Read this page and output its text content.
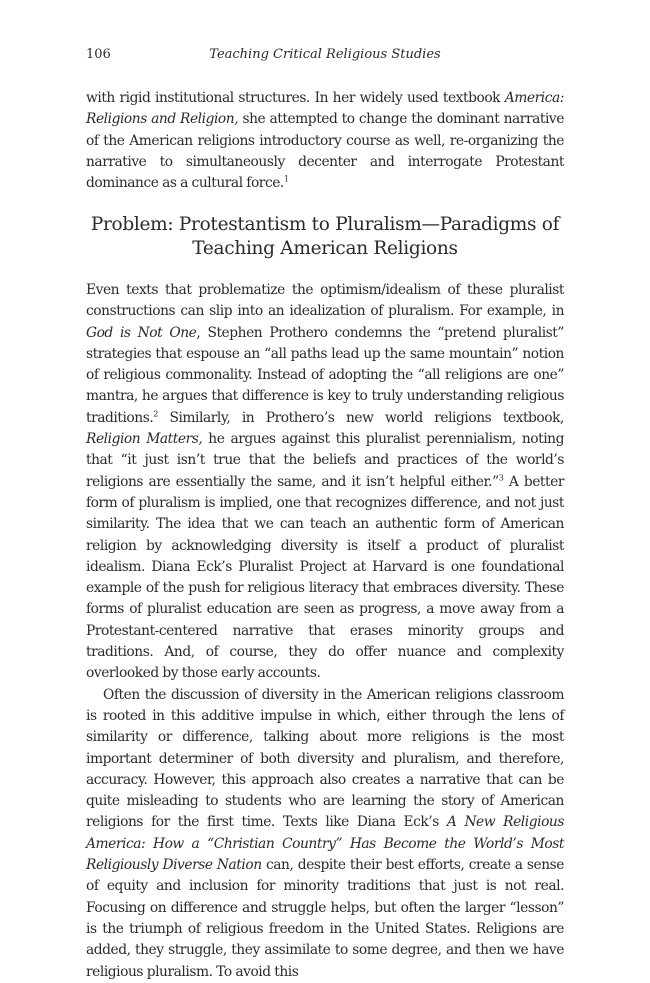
106	Teaching Critical Religious Studies

with rigid institutional structures. In her widely used textbook America: Religions and Religion, she attempted to change the dominant narrative of the American religions introductory course as well, re-organizing the narrative to simultaneously decenter and interrogate Protestant dominance as a cultural force.$^1$

Problem: Protestantism to Pluralism—Paradigms of
Teaching American Religions

Even texts that problematize the optimism/idealism of these pluralist constructions can slip into an idealization of pluralism. For example, in God is Not One, Stephen Prothero condemns the “pretend pluralist” strategies that espouse an “all paths lead up the same mountain” notion of religious commonality. Instead of adopting the “all religions are one” mantra, he argues that difference is key to truly understanding religious traditions.$^2$ Similarly, in Prothero’s new world religions textbook, Religion Matters, he argues against this pluralist perennialism, noting that “it just isn’t true that the beliefs and practices of the world’s religions are essentially the same, and it isn’t helpful either.”$^3$ A better form of pluralism is implied, one that recognizes difference, and not just similarity. The idea that we can teach an authentic form of American religion by acknowledging diversity is itself a product of pluralist idealism. Diana Eck’s Pluralist Project at Harvard is one foundational example of the push for religious literacy that embraces diversity. These forms of pluralist education are seen as progress, a move away from a Protestant-centered narrative that erases minority groups and traditions. And, of course, they do offer nuance and complexity overlooked by those early accounts.

Often the discussion of diversity in the American religions classroom is rooted in this additive impulse in which, either through the lens of similarity or difference, talking about more religions is the most important determiner of both diversity and pluralism, and therefore, accuracy. However, this approach also creates a narrative that can be quite misleading to students who are learning the story of American religions for the first time. Texts like Diana Eck’s A New Religious America: How a “Christian Country” Has Become the World’s Most Religiously Diverse Nation can, despite their best efforts, create a sense of equity and inclusion for minority traditions that just is not real. Focusing on difference and struggle helps, but often the larger “lesson” is the triumph of religious freedom in the United States. Religions are added, they struggle, they assimilate to some degree, and then we have religious pluralism. To avoid this
